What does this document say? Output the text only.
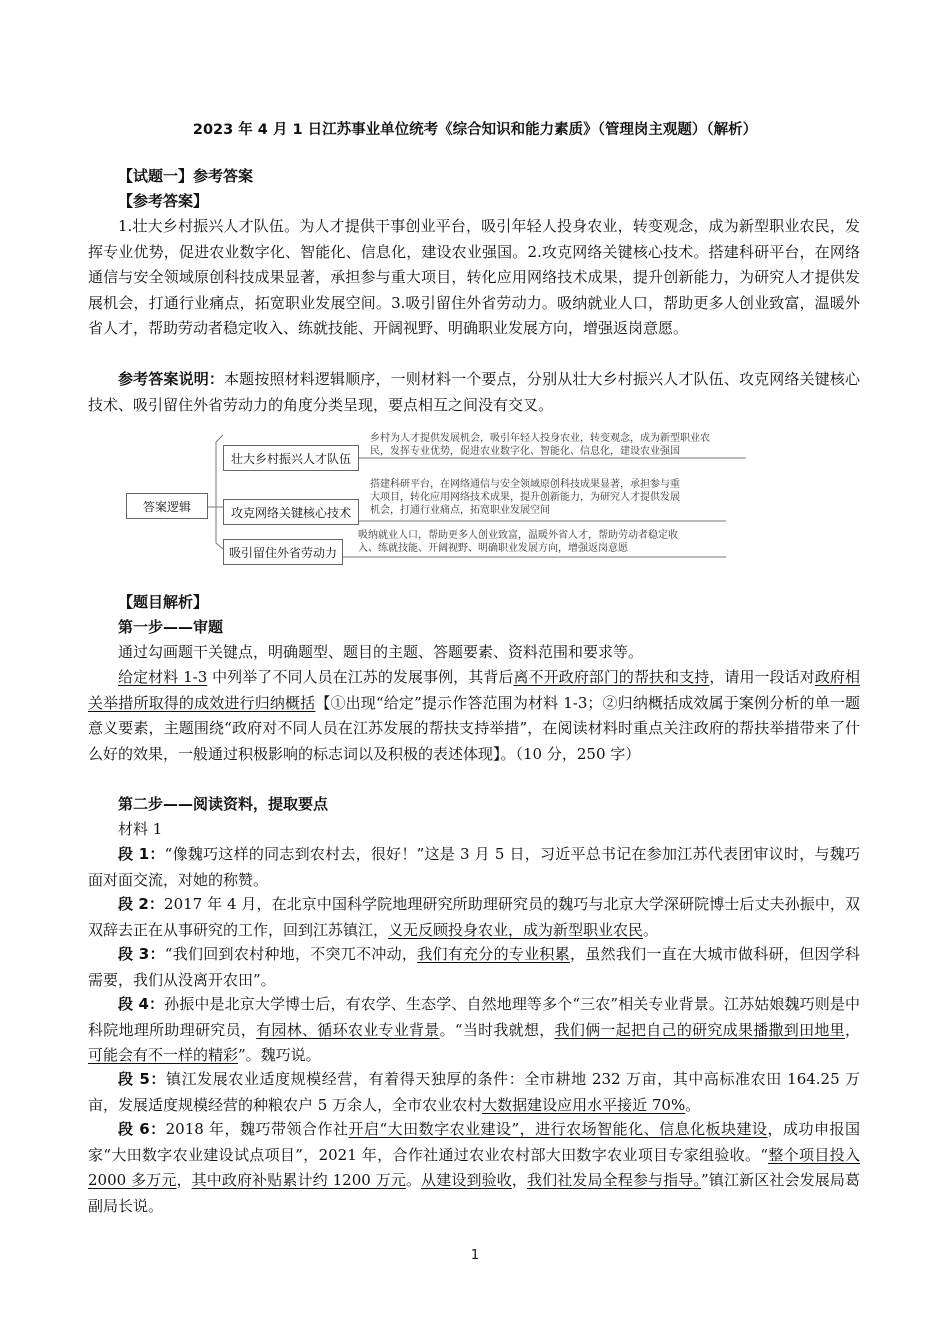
2023 年 4 月 1 日江苏事业单位统考《综合知识和能力素质》（管理岗主观题）（解析）
【试题一】参考答案
【参考答案】
1.壮大乡村振兴人才队伍。为人才提供干事创业平台，吸引年轻人投身农业，转变观念，成为新型职业农民，发挥专业优势，促进农业数字化、智能化、信息化，建设农业强国。2.攻克网络关键核心技术。搭建科研平台，在网络通信与安全领域原创科技成果显著，承担参与重大项目，转化应用网络技术成果，提升创新能力，为研究人才提供发展机会，打通行业痛点，拓宽职业发展空间。3.吸引留住外省劳动力。吸纳就业人口，帮助更多人创业致富，温暖外省人才，帮助劳动者稳定收入、练就技能、开阔视野、明确职业发展方向，增强返岗意愿。
参考答案说明：本题按照材料逻辑顺序，一则材料一个要点，分别从壮大乡村振兴人才队伍、攻克网络关键核心技术、吸引留住外省劳动力的角度分类呈现，要点相互之间没有交叉。
答案逻辑
壮大乡村振兴人才队伍
攻克网络关键核心技术
吸引留住外省劳动力
乡村为人才提供发展机会，吸引年轻人投身农业，转变观念，成为新型职业农
民，发挥专业优势，促进农业数字化、智能化、信息化，建设农业强国
搭建科研平台，在网络通信与安全领域原创科技成果显著，承担参与重
大项目，转化应用网络技术成果，提升创新能力，为研究人才提供发展
机会，打通行业痛点，拓宽职业发展空间
吸纳就业人口，帮助更多人创业致富，温暖外省人才，帮助劳动者稳定收
入、练就技能、开阔视野、明确职业发展方向，增强返岗意愿
【题目解析】
第一步——审题
通过勾画题干关键点，明确题型、题目的主题、答题要素、资料范围和要求等。
给定材料 1-3 中列举了不同人员在江苏的发展事例，其背后离不开政府部门的帮扶和支持，请用一段话对政府相关举措所取得的成效进行归纳概括【①出现“给定”提示作答范围为材料 1-3；②归纳概括成效属于案例分析的单一题意义要素，主题围绕“政府对不同人员在江苏发展的帮扶支持举措”，在阅读材料时重点关注政府的帮扶举措带来了什么好的效果，一般通过积极影响的标志词以及积极的表述体现】。（10 分，250 字）
第二步——阅读资料，提取要点
材料 1
段 1：“像魏巧这样的同志到农村去，很好！”这是 3 月 5 日，习近平总书记在参加江苏代表团审议时，与魏巧面对面交流，对她的称赞。
段 2：2017 年 4 月，在北京中国科学院地理研究所助理研究员的魏巧与北京大学深研院博士后丈夫孙振中，双双辞去正在从事研究的工作，回到江苏镇江，义无反顾投身农业，成为新型职业农民。
段 3：“我们回到农村种地，不突兀不冲动，我们有充分的专业积累，虽然我们一直在大城市做科研，但因学科需要，我们从没离开农田”。
段 4：孙振中是北京大学博士后，有农学、生态学、自然地理等多个“三农”相关专业背景。江苏姑娘魏巧则是中科院地理所助理研究员，有园林、循环农业专业背景。“当时我就想，我们俩一起把自己的研究成果播撒到田地里，可能会有不一样的精彩”。魏巧说。
段 5：镇江发展农业适度规模经营，有着得天独厚的条件：全市耕地 232 万亩，其中高标准农田 164.25 万亩，发展适度规模经营的种粮农户 5 万余人，全市农业农村大数据建设应用水平接近 70%。
段 6：2018 年，魏巧带领合作社开启“大田数字农业建设”，进行农场智能化、信息化板块建设，成功申报国家“大田数字农业建设试点项目”，2021 年，合作社通过农业农村部大田数字农业项目专家组验收。“整个项目投入 2000 多万元，其中政府补贴累计约 1200 万元。从建设到验收，我们社发局全程参与指导。”镇江新区社会发展局葛副局长说。
1
